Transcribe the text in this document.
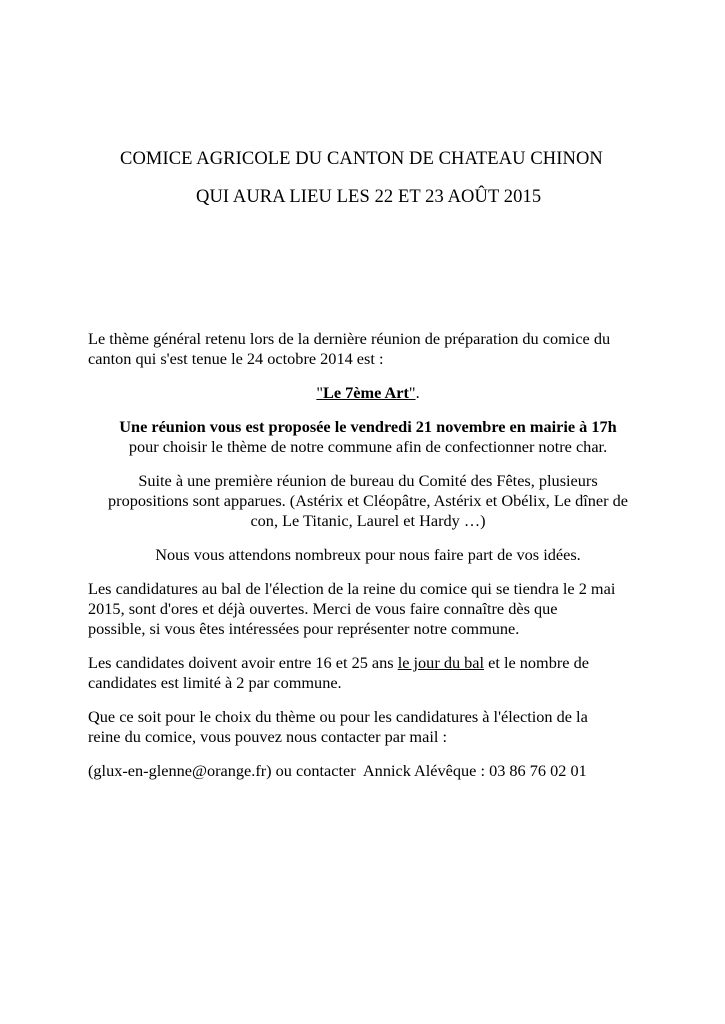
COMICE AGRICOLE DU CANTON DE CHATEAU CHINON
QUI AURA LIEU LES 22 ET 23 AOÛT 2015

Le thème général retenu lors de la dernière réunion de préparation du comice du
canton qui s'est tenue le 24 octobre 2014 est :

"Le 7ème Art".

Une réunion vous est proposée le vendredi 21 novembre en mairie à 17h
pour choisir le thème de notre commune afin de confectionner notre char.

Suite à une première réunion de bureau du Comité des Fêtes, plusieurs
propositions sont apparues. (Astérix et Cléopâtre, Astérix et Obélix, Le dîner de
con, Le Titanic, Laurel et Hardy …)

Nous vous attendons nombreux pour nous faire part de vos idées.

Les candidatures au bal de l'élection de la reine du comice qui se tiendra le 2 mai
2015, sont d'ores et déjà ouvertes. Merci de vous faire connaître dès que
possible, si vous êtes intéressées pour représenter notre commune.

Les candidates doivent avoir entre 16 et 25 ans le jour du bal et le nombre de
candidates est limité à 2 par commune.

Que ce soit pour le choix du thème ou pour les candidatures à l'élection de la
reine du comice, vous pouvez nous contacter par mail :

(glux-en-glenne@orange.fr) ou contacter  Annick Alévêque : 03 86 76 02 01
